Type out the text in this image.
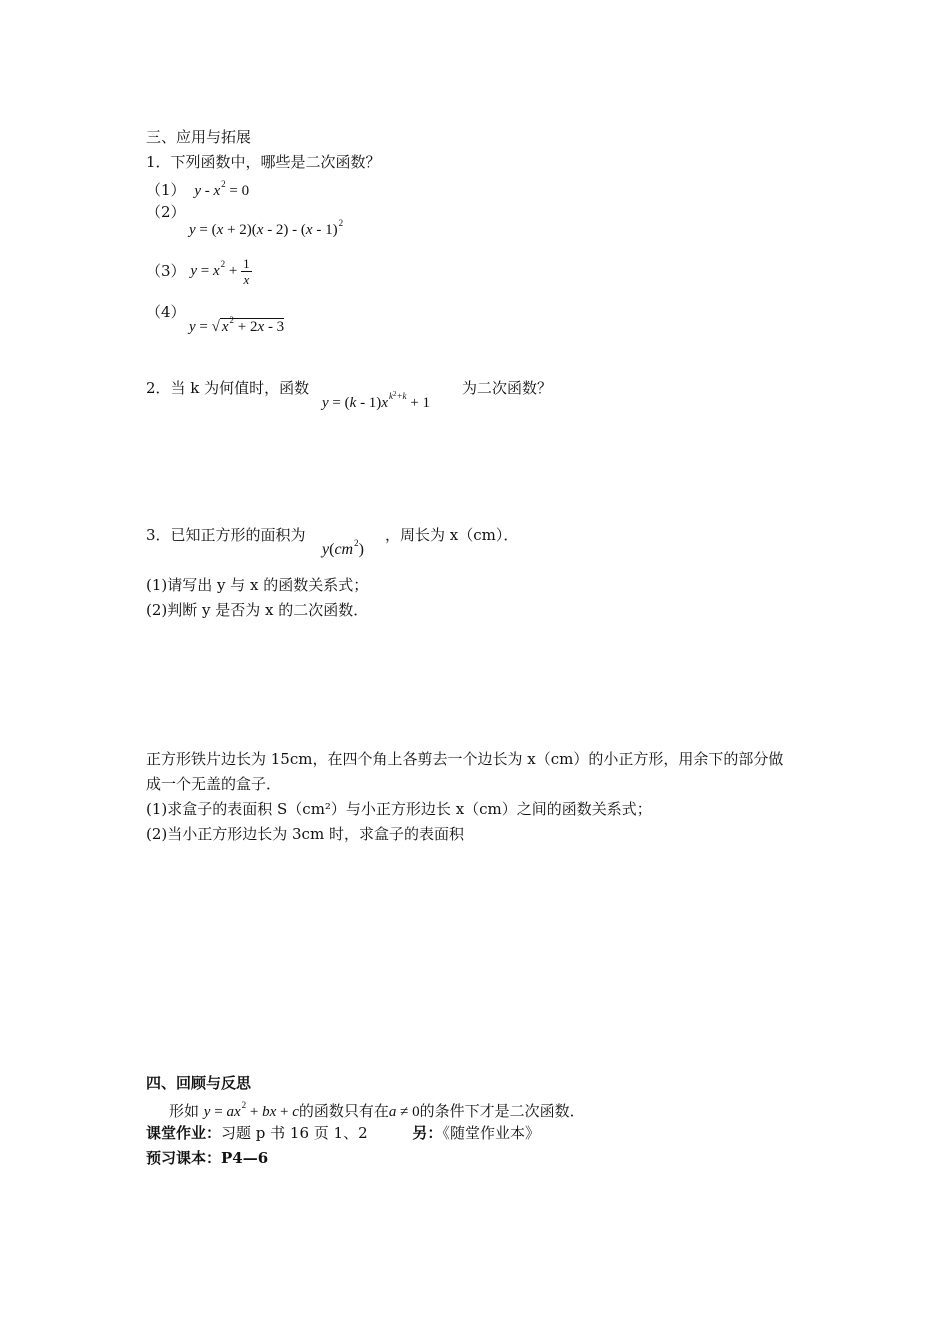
三、应用与拓展
1．下列函数中，哪些是二次函数？
（1） $y - x^2 = 0$
（2）
y = (x + 2)(x - 2) - (x - 1)$^2$
（3） $y = x^2 + \frac{1}{x}$
（4）
y = √ $x^2 + 2x - 3$
2．当 k 为何值时，函数
$y = (k - 1)x^{k^2+k} + 1$
为二次函数？
3．已知正方形的面积为
$y(cm^2)$
，周长为 x（cm）．
(1)请写出 y 与 x 的函数关系式；
(2)判断 y 是否为 x 的二次函数．
正方形铁片边长为 15cm，在四个角上各剪去一个边长为 x（cm）的小正方形，用余下的部分做
成一个无盖的盒子．
(1)求盒子的表面积 S（cm²）与小正方形边长 x（cm）之间的函数关系式；
(2)当小正方形边长为 3cm 时，求盒子的表面积
四、回顾与反思
形如 $y = ax^2$ + bx + c的函数只有在a ≠ 0的条件下才是二次函数．
课堂作业：习题 p 书 16 页 1、2	另：《随堂作业本》
预习课本：P4—6
